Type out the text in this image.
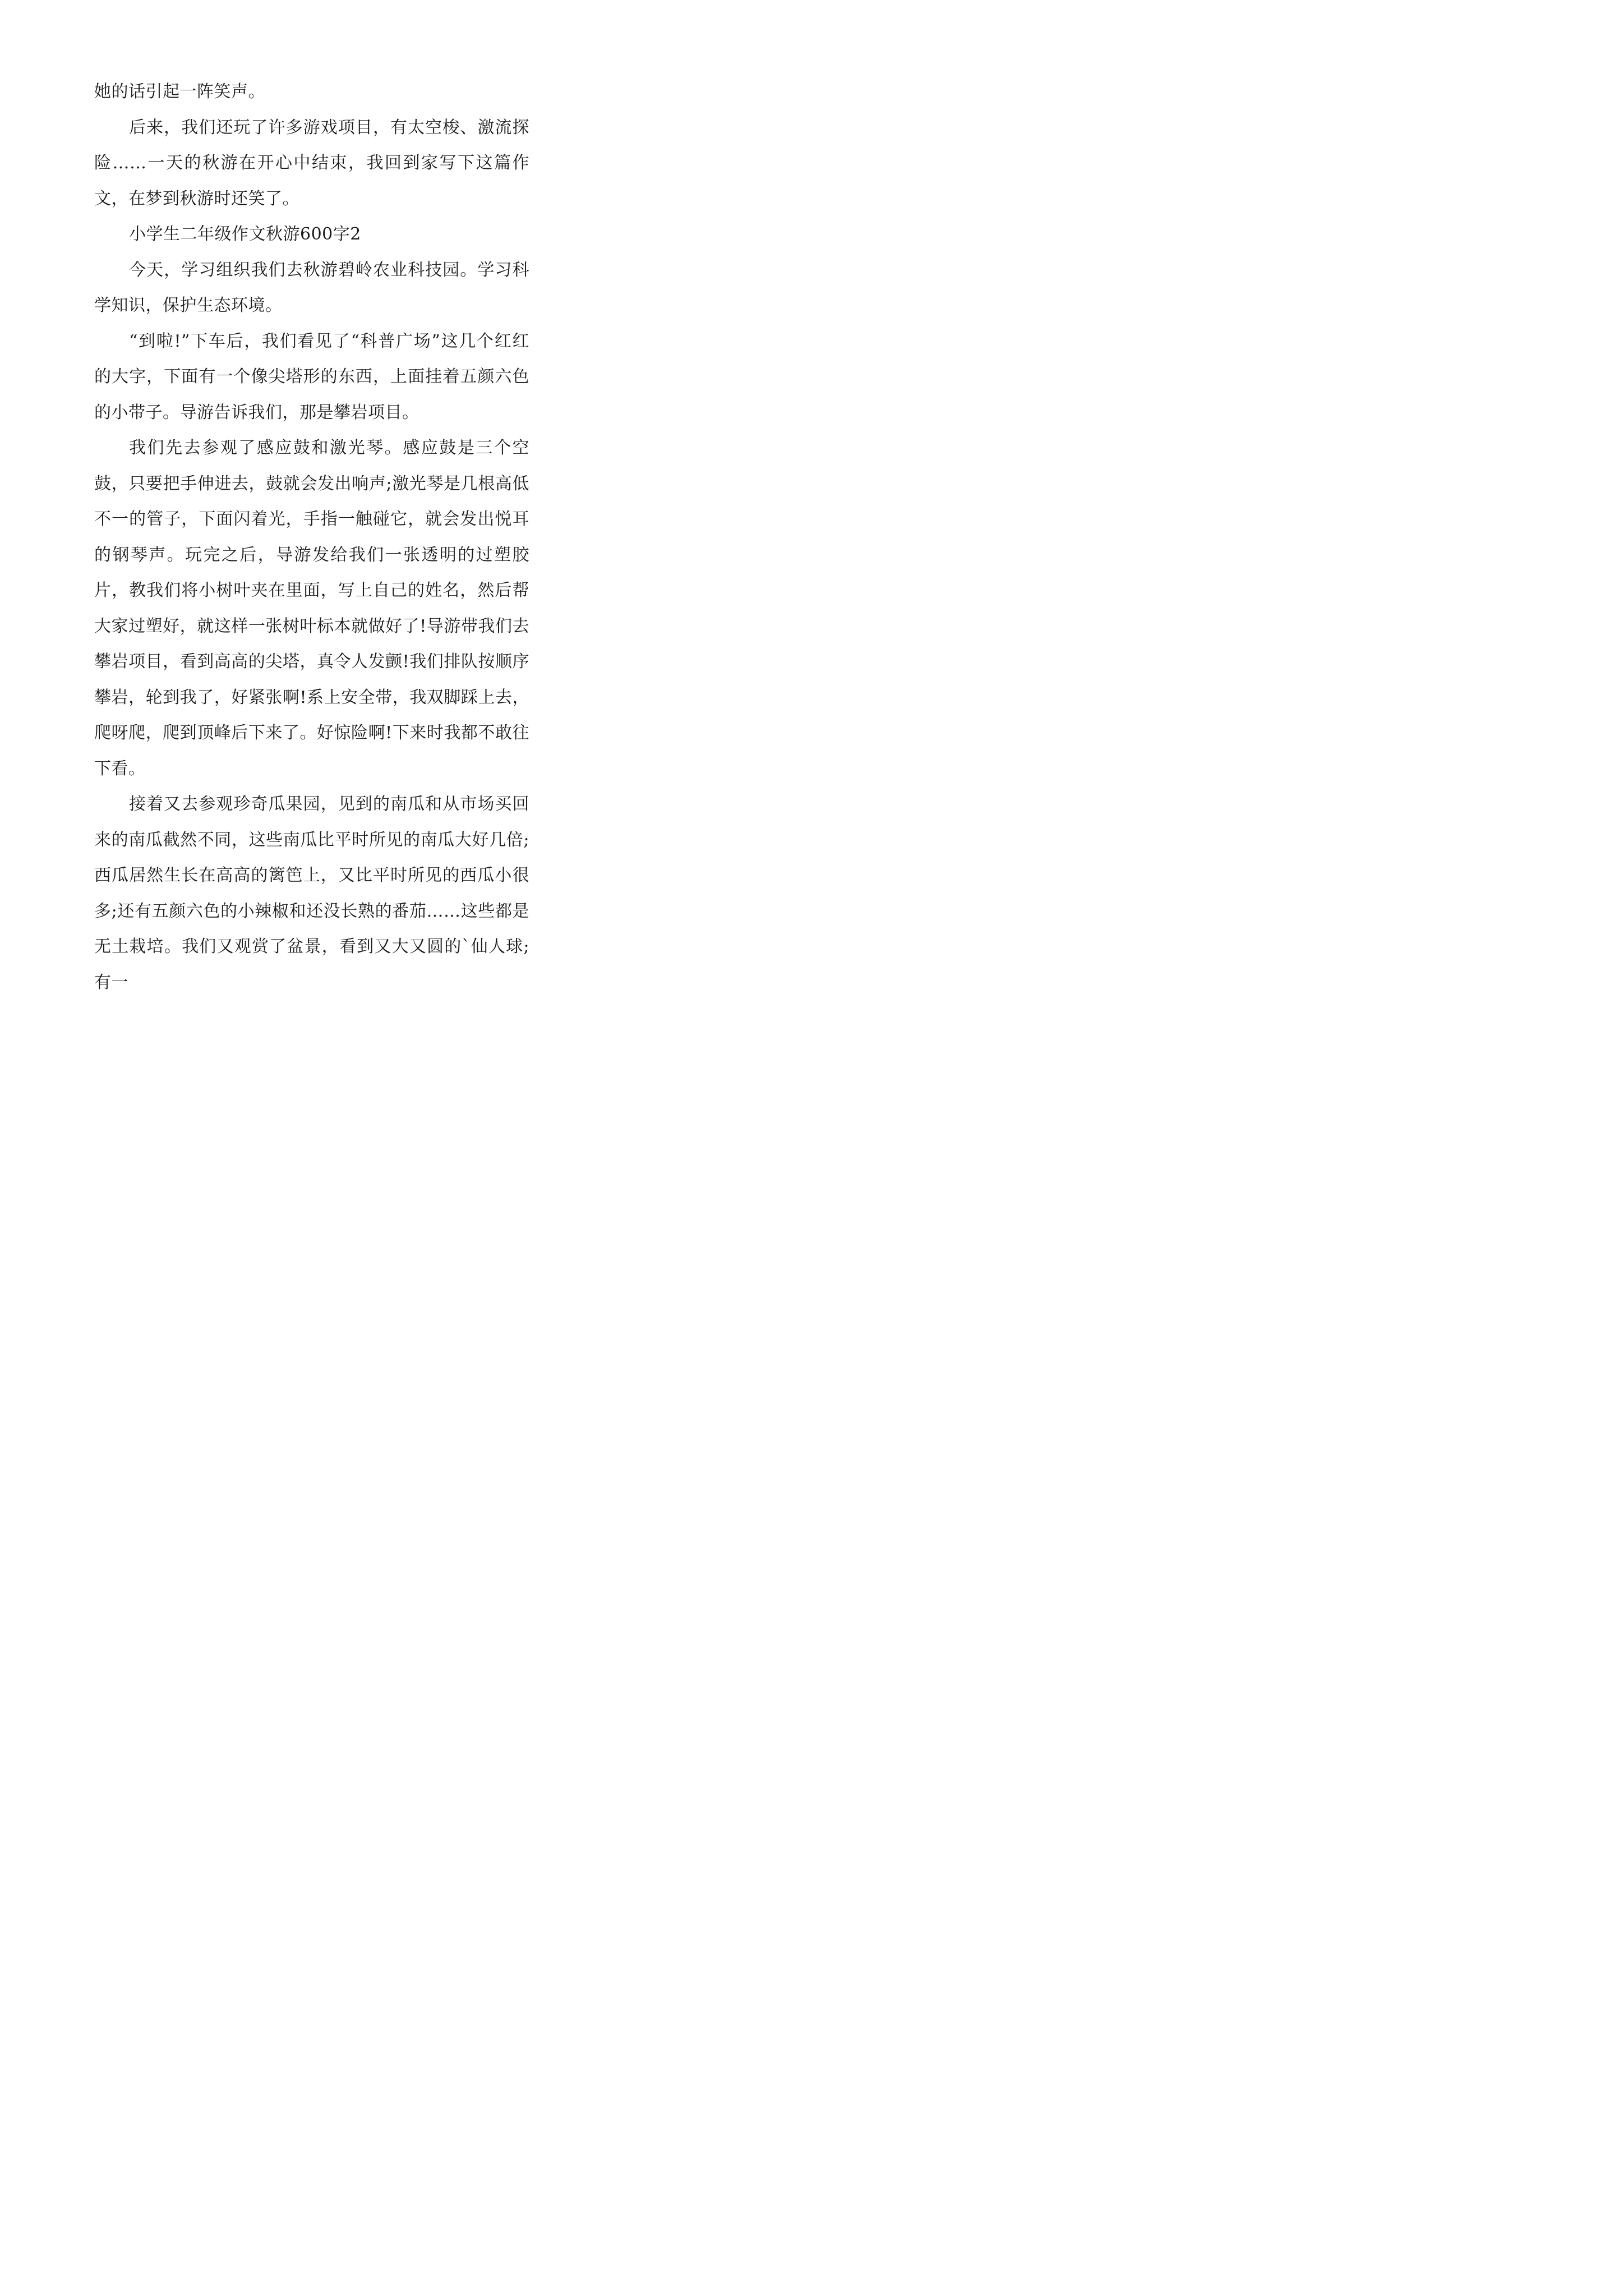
她的话引起一阵笑声。

后来，我们还玩了许多游戏项目，有太空梭、激流探险……一天的秋游在开心中结束，我回到家写下这篇作文，在梦到秋游时还笑了。

小学生二年级作文秋游600字2

今天，学习组织我们去秋游碧岭农业科技园。学习科学知识，保护生态环境。

“到啦!”下车后，我们看见了“科普广场”这几个红红的大字，下面有一个像尖塔形的东西，上面挂着五颜六色的小带子。导游告诉我们，那是攀岩项目。

我们先去参观了感应鼓和激光琴。感应鼓是三个空鼓，只要把手伸进去，鼓就会发出响声;激光琴是几根高低不一的管子，下面闪着光，手指一触碰它，就会发出悦耳的钢琴声。玩完之后，导游发给我们一张透明的过塑胶片，教我们将小树叶夹在里面，写上自己的姓名，然后帮大家过塑好，就这样一张树叶标本就做好了!导游带我们去攀岩项目，看到高高的尖塔，真令人发颤!我们排队按顺序攀岩，轮到我了，好紧张啊!系上安全带，我双脚踩上去，爬呀爬，爬到顶峰后下来了。好惊险啊!下来时我都不敢往下看。

接着又去参观珍奇瓜果园，见到的南瓜和从市场买回来的南瓜截然不同，这些南瓜比平时所见的南瓜大好几倍;西瓜居然生长在高高的篱笆上，又比平时所见的西瓜小很多;还有五颜六色的小辣椒和还没长熟的番茄……这些都是无土栽培。我们又观赏了盆景，看到又大又圆的`仙人球;有一
